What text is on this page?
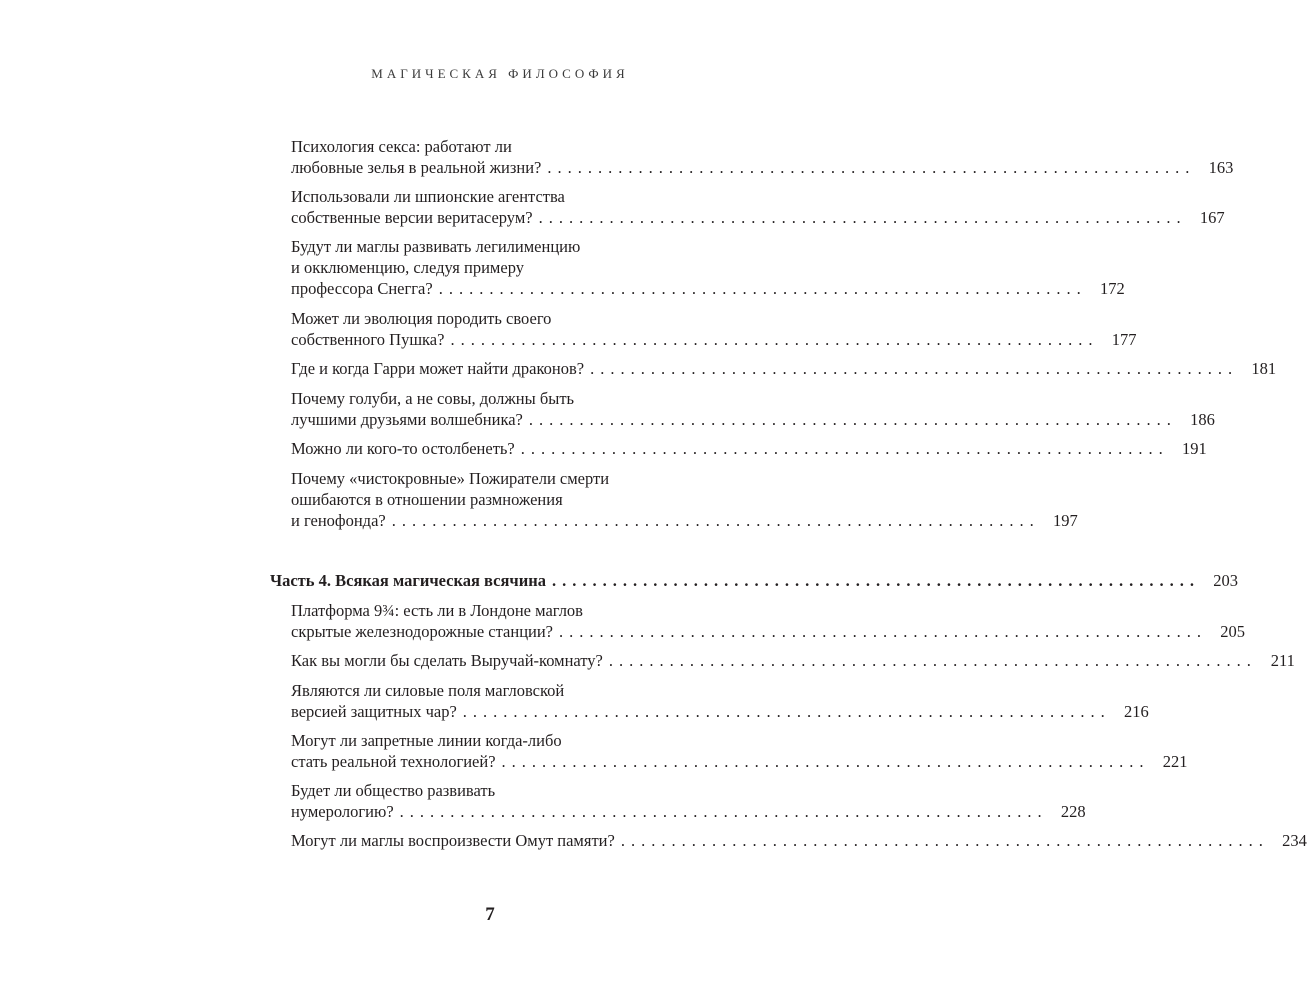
МАГИЧЕСКАЯ ФИЛОСОФИЯ
Психология секса: работают ли
любовные зелья в реальной жизни? ................................................................ 163
Использовали ли шпионские агентства
собственные версии веритасерум? ................................................................ 167
Будут ли маглы развивать легилименцию
и окклюменцию, следуя примеру
профессора Снегга? ................................................................ 172
Может ли эволюция породить своего
собственного Пушка? ................................................................ 177
Где и когда Гарри может найти драконов? ................................................................ 181
Почему голуби, а не совы, должны быть
лучшими друзьями волшебника? ................................................................ 186
Можно ли кого-то остолбенеть? ................................................................ 191
Почему «чистокровные» Пожиратели смерти
ошибаются в отношении размножения
и генофонда? ................................................................ 197
Часть 4. Всякая магическая всячина ................................................................ 203
Платформа 9¾: есть ли в Лондоне маглов
скрытые железнодорожные станции? ................................................................ 205
Как вы могли бы сделать Выручай-комнату? ................................................................ 211
Являются ли силовые поля магловской
версией защитных чар? ................................................................ 216
Могут ли запретные линии когда-либо
стать реальной технологией? ................................................................ 221
Будет ли общество развивать
нумерологию? ................................................................ 228
Могут ли маглы воспроизвести Омут памяти? ................................................................ 234
7
